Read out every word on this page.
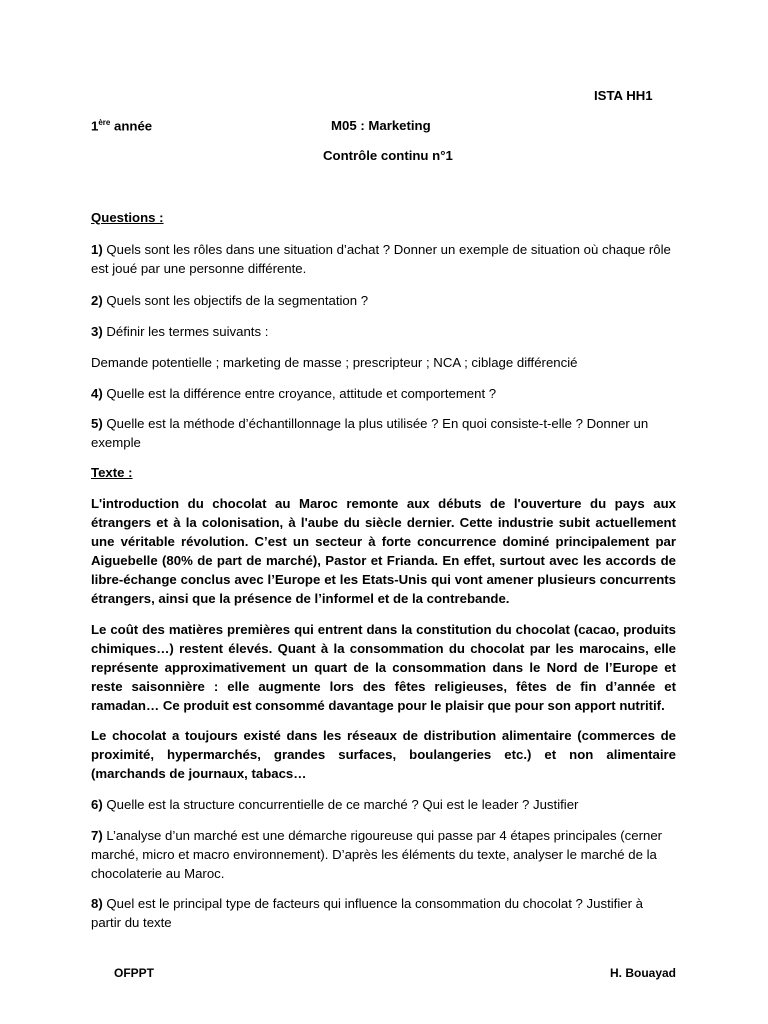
ISTA HH1
1ère année	M05 : Marketing
Contrôle continu n°1
Questions :

1) Quels sont les rôles dans une situation d’achat ? Donner un exemple de situation où chaque rôle est joué par une personne différente.

2) Quels sont les objectifs de la segmentation ?

3) Définir les termes suivants :

Demande potentielle ; marketing de masse ; prescripteur ; NCA ; ciblage différencié

4) Quelle est la différence entre croyance, attitude et comportement ?

5) Quelle est la méthode d’échantillonnage la plus utilisée ? En quoi consiste-t-elle ? Donner un exemple

Texte :

L'introduction du chocolat au Maroc remonte aux débuts de l'ouverture du pays aux étrangers et à la colonisation, à l'aube du siècle dernier. Cette industrie subit actuellement une véritable révolution. C’est un secteur à forte concurrence dominé principalement par Aiguebelle (80% de part de marché), Pastor et Frianda. En effet, surtout avec les accords de libre-échange conclus avec l’Europe et les Etats-Unis qui vont amener plusieurs concurrents étrangers, ainsi que la présence de l’informel et de la contrebande.

Le coût des matières premières qui entrent dans la constitution du chocolat (cacao, produits chimiques…) restent élevés. Quant à la consommation du chocolat par les marocains, elle représente approximativement un quart de la consommation dans le Nord de l’Europe et reste saisonnière : elle augmente lors des fêtes religieuses, fêtes de fin d’année et ramadan… Ce produit est consommé davantage pour le plaisir que pour son apport nutritif.

Le chocolat a toujours existé dans les réseaux de distribution alimentaire (commerces de proximité, hypermarchés, grandes surfaces, boulangeries etc.) et non alimentaire (marchands de journaux, tabacs…

6) Quelle est la structure concurrentielle de ce marché ? Qui est le leader ? Justifier

7) L’analyse d’un marché est une démarche rigoureuse qui passe par 4 étapes principales (cerner marché, micro et macro environnement). D’après les éléments du texte, analyser le marché de la chocolaterie au Maroc.

8) Quel est le principal type de facteurs qui influence la consommation du chocolat ? Justifier à partir du texte

OFPPT	H. Bouayad
